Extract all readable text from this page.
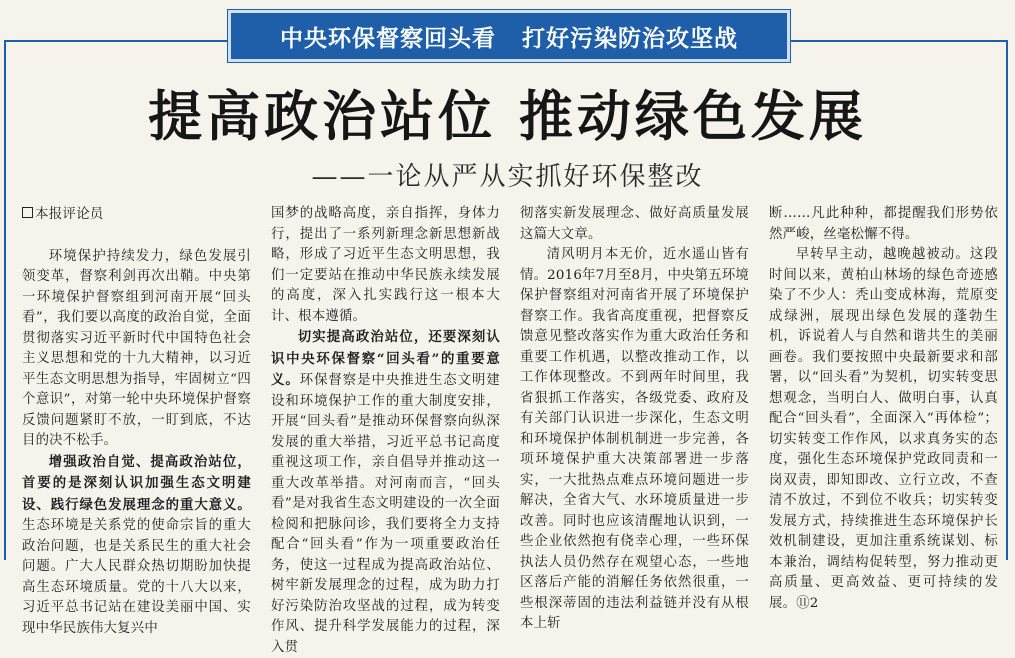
中央环保督察回头看 打好污染防治攻坚战
提高政治站位 推动绿色发展
——一论从严从实抓好环保整改

本报评论员

环境保护持续发力，绿色发展引领变革，督察利剑再次出鞘。中央第一环境保护督察组到河南开展“回头看”，我们要以高度的政治自觉，全面贯彻落实习近平新时代中国特色社会主义思想和党的十九大精神，以习近平生态文明思想为指导，牢固树立“四个意识”，对第一轮中央环境保护督察反馈问题紧盯不放，一盯到底，不达目的决不松手。

增强政治自觉、提高政治站位，首要的是深刻认识加强生态文明建设、践行绿色发展理念的重大意义。生态环境是关系党的使命宗旨的重大政治问题，也是关系民生的重大社会问题。广大人民群众热切期盼加快提高生态环境质量。党的十八大以来，习近平总书记站在建设美丽中国、实现中华民族伟大复兴中

国梦的战略高度，亲自指挥，身体力行，提出了一系列新理念新思想新战略，形成了习近平生态文明思想，我们一定要站在推动中华民族永续发展的高度，深入扎实践行这一根本大计、根本遵循。

切实提高政治站位，还要深刻认识中央环保督察“回头看”的重要意义。环保督察是中央推进生态文明建设和环境保护工作的重大制度安排，开展“回头看”是推动环保督察向纵深发展的重大举措，习近平总书记高度重视这项工作，亲自倡导并推动这一重大改革举措。对河南而言，“回头看”是对我省生态文明建设的一次全面检阅和把脉问诊，我们要将全力支持配合“回头看”作为一项重要政治任务，使这一过程成为提高政治站位、树牢新发展理念的过程，成为助力打好污染防治攻坚战的过程，成为转变作风、提升科学发展能力的过程，深入贯

彻落实新发展理念、做好高质量发展这篇大文章。

清风明月本无价，近水遥山皆有情。2016年7月至8月，中央第五环境保护督察组对河南省开展了环境保护督察工作。我省高度重视，把督察反馈意见整改落实作为重大政治任务和重要工作机遇，以整改推动工作，以工作体现整改。不到两年时间里，我省狠抓工作落实，各级党委、政府及有关部门认识进一步深化，生态文明和环境保护体制机制进一步完善，各项环境保护重大决策部署进一步落实，一大批热点难点环境问题进一步解决，全省大气、水环境质量进一步改善。同时也应该清醒地认识到，一些企业依然抱有侥幸心理，一些环保执法人员仍然存在观望心态，一些地区落后产能的消解任务依然很重，一些根深蒂固的违法利益链并没有从根本上斩

断……凡此种种，都提醒我们形势依然严峻，丝毫松懈不得。

早转早主动，越晚越被动。这段时间以来，黄柏山林场的绿色奇迹感染了不少人：秃山变成林海，荒原变成绿洲，展现出绿色发展的蓬勃生机，诉说着人与自然和谐共生的美丽画卷。我们要按照中央最新要求和部署，以“回头看”为契机，切实转变思想观念，当明白人、做明白事，认真配合“回头看”，全面深入“再体检”；切实转变工作作风，以求真务实的态度，强化生态环境保护党政同责和一岗双责，即知即改、立行立改，不查清不放过，不到位不收兵；切实转变发展方式，持续推进生态环境保护长效机制建设，更加注重系统谋划、标本兼治，调结构促转型，努力推动更高质量、更高效益、更可持续的发展。⑪2
